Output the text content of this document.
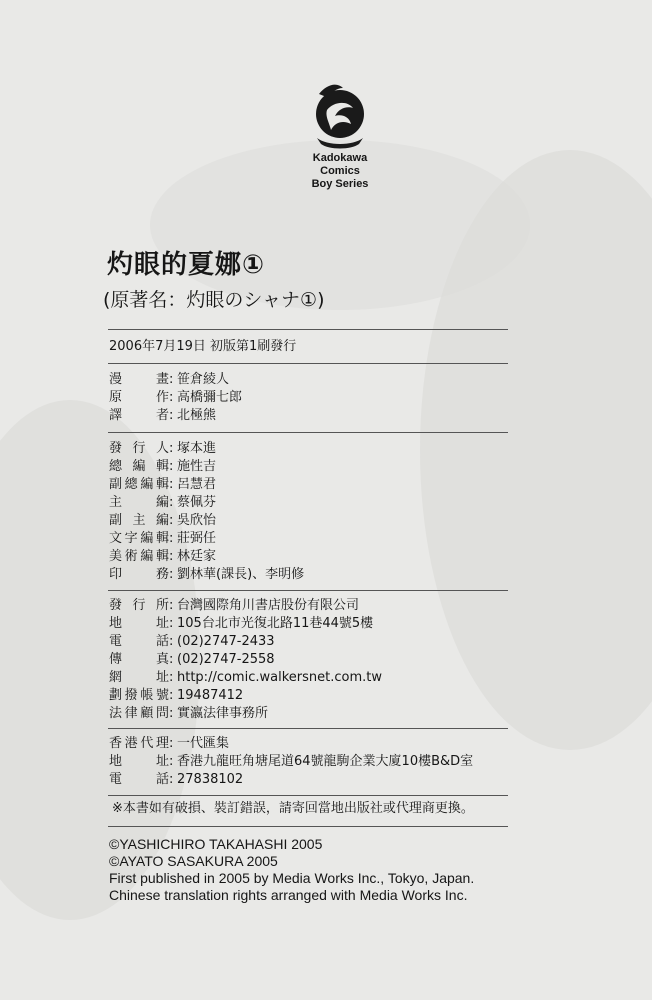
Kadokawa Comics
Boy Series
灼眼的夏娜①
(原著名：灼眼のシャナ①)
2006年7月19日 初版第1刷發行
漫畫: 笹倉綾人
原作: 高橋彌七郎
譯者: 北極熊
發行人: 塚本進
總編輯: 施性吉
副總編輯: 呂慧君
主編: 蔡佩芬
副主編: 吳欣怡
文字編輯: 莊弼任
美術編輯: 林廷家
印務: 劉林華(課長)、李明修
發行所: 台灣國際角川書店股份有限公司
地址: 105台北市光復北路11巷44號5樓
電話: (02)2747-2433
傳真: (02)2747-2558
網址: http://comic.walkersnet.com.tw
劃撥帳號: 19487412
法律顧問: 實瀛法律事務所
香港代理: 一代匯集
地址: 香港九龍旺角塘尾道64號龍駒企業大廈10樓B&D室
電話: 27838102
※本書如有破損、裝訂錯誤，請寄回當地出版社或代理商更換。
©YASHICHIRO TAKAHASHI 2005
©AYATO SASAKURA 2005
First published in 2005 by Media Works Inc., Tokyo, Japan.
Chinese translation rights arranged with Media Works Inc.
